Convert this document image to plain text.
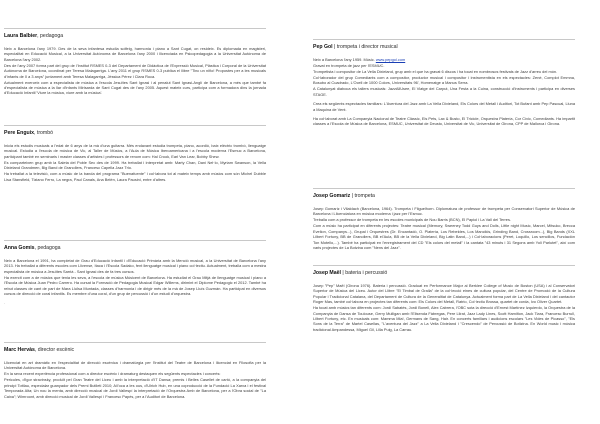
Laura Balbier, pedagoga

Neix a Barcelona l'any 1979. Des de la seva infantesa estudia solfeig, harmonia i piano a Sant Cugat, on resideix. Es diplomada en magisteri, especialitat en Educació Musical, a la Universitat Autònoma de Barcelona l'any 2000 i llicenciada en Psicopedagogia a la Universitat Autònoma de Barcelona l'any 2002.

Des de l'any 2007 forma part del grup de l'Institut RSMES 0-3 del Departament de Didàctica de l'Expressió Musical, Plàstica i Corporal de la Universitat Autònoma de Barcelona, coordinat per Teresa Malagarriga. L'any 2011 el grup RSMES 0-3 publica el llibre "Tinc un niño! Propostes per a les musicals d'infants de 0 a 3 anys" juntament amb Teresa Malagarriga, Jéssica Pérez i Clara Roca.

Actualment exerceix com a especialista de música a l'escola Jesuïtes Sant Ignasi i al penalut Sant Ignasi-Anglí de Barcelona, a més que també fa d'especialista de música a la llar d'infants Mirisarda de Sant Cugat des de l'any 2005. Aquest mateix curs, participa com a formadora dins la jornada d'Educació Infantil 'Viure la música, viure amb la música'.

Pere Enguix, trombó

Inicia els estudis musicals a l'edat de 6 anys de la mà d'una guitarra. Més endavant estudia trompeta, piano, acordió, baix elèctric trombó, llenguatge musical. Estudia a l'escola de música de Vic, al Taller de Músics, a l'Aula de Música Iberoamericana i a l'escola moderna l'Esmuc a Barcelona, participant també en seminaris i master classes d'artistes i professors de renom com: Hal Crook, Earl Van Lear, Bobby Shew.

Es comparteixen grup amb la Saleta del Poble Sec des de 1999. Ha treballat i interpretat amb: Marty Chan, Dani Nel·lo, Myriam Swanson, la Vella Dixieland Grandmen, Big Band de Granollers, Francesc Capella Jazz Trio.

Ha treballat a la televisió, com a músic de la banda del programa "Buenafuente" i col·labora tot al mateix temps amb músics com són Michel Dubble Lisa Stansfield, Tiziano Ferro, La negra, Paul Canals, Ana Belén, Laura Pausini, entre d'altres.

Anna Gomis, pedagoga

Neix a Barcelona el 1991, ha completat de Grau d'Educació Infantil i d'Educació Primària amb la Menció musical, a la Universitat de Barcelona l'any 2013. Ha treballat a diferents escoles com Llivense, Itaca i l'Escola Sadako, fent llenguatge musical i piano col·lectiu. Actualment, treballa com a mestra especialista de música a Jesuïtes Sarrià - Sant Ignasi des de fa tres cursos.

Ha exercit com a de músics que tenia les seva, a l'escola de música Músicent de Barcelona. Ha estudiat el Grau Mitjà de llenguatge musical i piano a l'Escola de Música Juan Pedro Carrero. Ha cursat la Formació de Pedagogia Musical Edgar Willems, dirimint el Diplome Pedagogic el 2012. També ha rebut classes de cant de part de Mara Lluïsa Muntada, classes d'harmonia i de dirigir més de la mà de Josep Lluís Guzmán. Ha participat en diversos cursos de direcció de coral infantils. Es membre d'una coral, d'un grup de percussió i d'un estudi d'orquestra.

.
Marc Hervàs, director escènic

Llicenciat en art dramàtic en l'especialitat de direcció escènica i dramatúrgia per l'Institut del Teatre de Barcelona i llicenciat en Filosofia per la Universitat Autònoma de Barcelona.

En la seva recent experiència professional com a director escènic i dramaturg destaquen els següents espectacles i concerts:

Pericules, d'igor stravinsky, produït pel Gran Teatre del Liceu i amb la interpretació d'IT Dansa; premis i Belles Casellet de cartó, a la companyia del principi Tottlau, especialar guanyador dels Premi Butlleti 2010; A/l'oca a les ous, d'Ulrich Hub, en una coproducció de la Fundació La Xarxa i el festival Temporada Alta; Un nou la menta, amb direcció musical de Jordi Vallespí la interpretació de l'Orquestra Amb de Barcelona, per a l'Obra social de "La Caixa"; Wimroont, amb direcció musical de Jordi Vallespí i Francesc Papès, per a l'Auditori de Barcelona.

Pep Gol | trompeta i director musical

Neix a Barcelona l'any 1959. Músic. www.pepgol.com

Gravat en trompeta de jazz per l'ESMUC.

Trompetista i compositor de La Vella Dixieland, grup amb el que ha gravat 6 discos i ha tocat en nombrosos festivals de Jazz d'arreu del món.

Col·laborador del grup Comediants com a compositor, productor musical i compositor i instrumentista en els espectacles: Zené, Complot Emmna, Bosubo al Cuadrado, L'Ocell de 1000 Colors, Universitats 96', Homenatge a Manus Serra.

A Catalunyat diaboca els tallers musicals: JazzAllUsee, El Viatge del Carput, Una Festa a la Cuina, construcció d'instruments i participa en diverses STAGE.

Crea els següents espectacles familiars: L'Aventura del Jazz amb La Vella Dixieland, Els Colors del Metall i Auditori, Tot Bufant amb Pep Pascual, Lluna a Maquina de Vent.

Ha col·laborat amb La Companyia Nacional de Teatre Clàssic, Els Pets, Lax & Busto, El Tricicle, Orquestra Platería, Cor Cívic, Comediants. Ha impartit classes a l'Escola de Música de Barcelona, ESMUC, Universitat de Deusto, Universitat de Vic, Universitat de Girona, CPP de Mallorca i Girona.

Josep Gomariz | trompeta

Josep Gomariz i Vilaldach (Barcelona, 1964). Trompeta i Fliguelhorn. Diplomatura de professor de trompeta per Conservatori Superior de Música de Barcelona i Llicenciatura en música moderna i jazz per l'Esmuc.

Treballa com a professor de trompeta en les escoles municipals de Nou Barris (BCN), El Papiol i La Vall del Terres.

Com a músic ha participat en diferents projectes: Teatre musical (Memory, Sweeney Todd Guys and Dolls, Little night Music, Marcel, Mitsuko, Brecca Evelion, Companys...), Grupal i Orquestres (Dr. Encantadó, O. Platería, Los Rebeldes, Los Mancikis, Grinding Band, Crossroom...), Big Bands (XXL Lilbert Fortuny, BB de Granollers, BB el'Aula, BB de la Vella Dixieland, Big Latin Band,...) i Col·laboracions (Peret, Loquillo, Los sencillos, Fundación Ton Motello,...). També ha participat en l'enregistrament del CD "Els colors del metall" i la cantata "43 minuts i 31 Segons amb Yoli Parlutet", així com varis projectes de La Botzina com "Nens del Jazz".

Josep Maël | bateria i percussió

Josep "Pep" Maël (Girona 1976). Bateria i percussió. Graduat en Performance Major al Berklee College of Music de Boston (USA) i al Conservatori Superior de Música del Liceu. Autor del Llibre "El Timbal de Gralla" de la col·lecció eines de cultura popular, del Centre de Promoció de la Cultura Popular i Tradicional Catalana, del Departament de Cultura de la Generalitat de Catalunya. Actualment forma part de La Vella Dixieland i del cantautor Roger Mas, també col·labora en projectes tan diferents com: Els Colors del Metall, Ratrio, Col·lectiu Brossa, quartet de corda, Ivo Oliver Quartet.

Ha tocat amb músics tan diferents com: Jordi Sabatés, Jordi Bonell, Alex Cabrera, l'OBC sota la direcció d'Ernest Martínez Izquierdo, la Orquestra de la Companyia de Dansa de Toulouse, Gerry Mulligan amb l'Elisenda Fàbregas, Pere Llirat, Jazz Lady Lines, Scott Hamilton, Jack Tiara, Francesc Burrull, Lilbert Fortuny, etc. En musicals com: Mamma Mia!, Germans de Sang, Hair. En concerts familiars i audicions escolars "Les Vides de Picasso", "Els Sons de la Terra" de Martel Casellas, "L'aventura del Jazz" a La Vella Dixieland i "Crescendo" de Percussió de Botizina. En World music i música tradicional Ampandessa, Miguel Gil, Lilla Puig, La Carrau.
